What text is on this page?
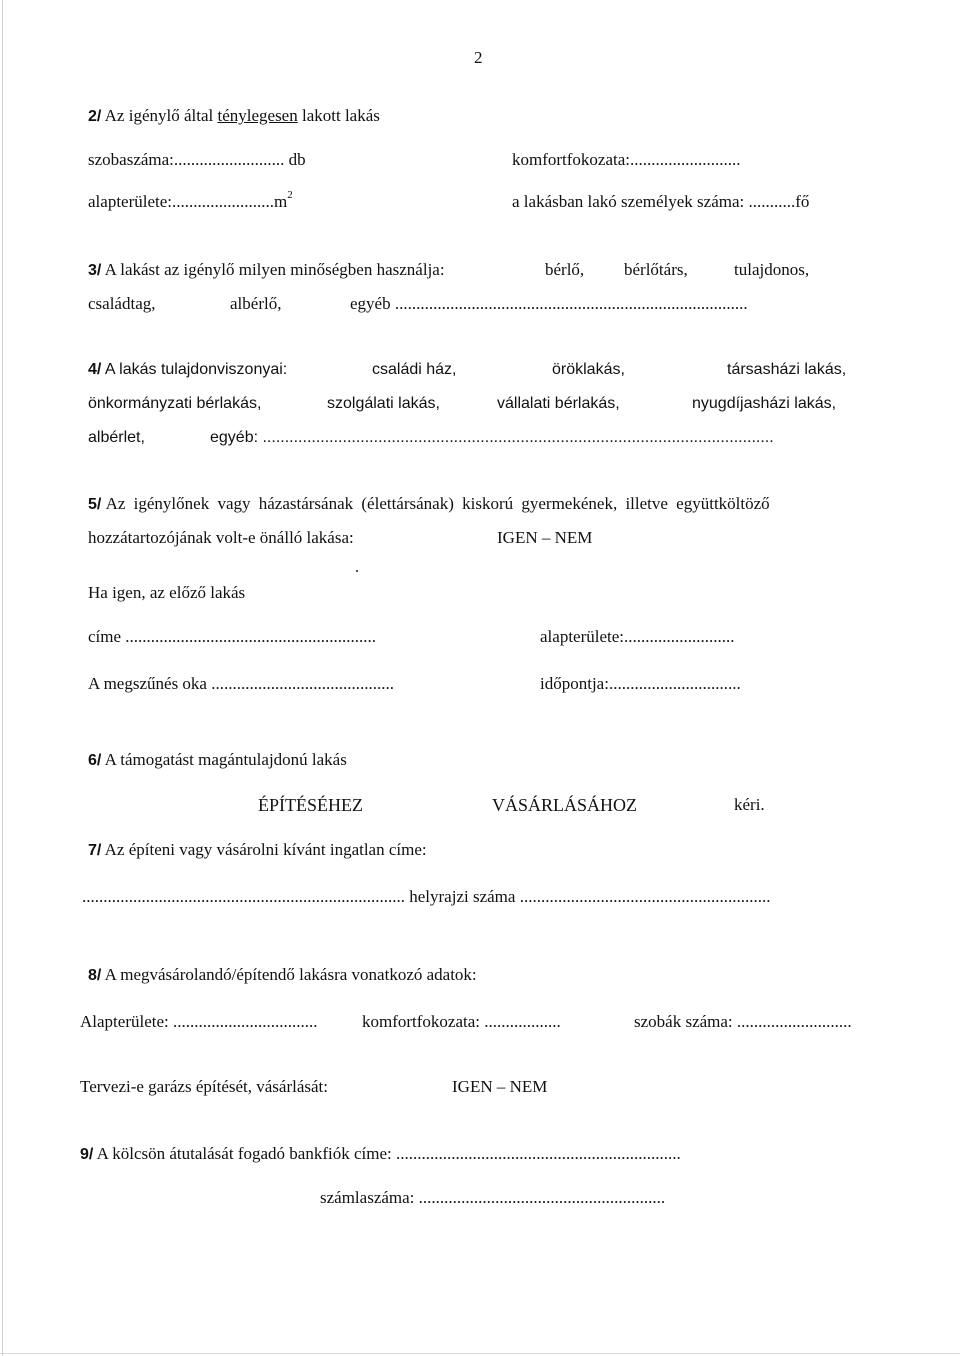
2
2/ Az igénylő által ténylegesen lakott lakás
szobaszáma:.......................... db	komfortfokozata:..........................
$alapterülete:........................m^2$	a lakásban lakó személyek száma: ...........fő
3/ A lakást az igénylő milyen minőségben használja:	bérlő, bérlőtárs,	tulajdonos,
családtag,	albérlő,	egyéb ...................................................................................
4/ A lakás tulajdonviszonyai:	családi ház,	öröklakás,	társasházi lakás,
önkormányzati bérlakás,	szolgálati lakás,	vállalati bérlakás,	nyugdíjasházi lakás,
albérlet,	egyéb: ...................................................................................................................
5/ Az igénylőnek vagy házastársának (élettársának) kiskorú gyermekének, illetve együttköltöző
hozzátartozójának volt-e önálló lakása:	IGEN – NEM
Ha igen, az előző lakás
címe ...........................................................	alapterülete:..........................
A megszűnés oka ...........................................	időpontja:...............................
6/ A támogatást magántulajdonú lakás
ÉPÍTÉSÉHEZ	VÁSÁRLÁSÁHOZ	kéri.
7/ Az építeni vagy vásárolni kívánt ingatlan címe:
............................................................................ helyrajzi száma ...........................................................
8/ A megvásárolandó/építendő lakásra vonatkozó adatok:
Alapterülete: ..................................	komfortfokozata: ..................	szobák száma: ...........................
Tervezi-e garázs építését, vásárlását:	IGEN – NEM
9/ A kölcsön átutalását fogadó bankfiók címe: ...................................................................
számlaszáma: ..........................................................
